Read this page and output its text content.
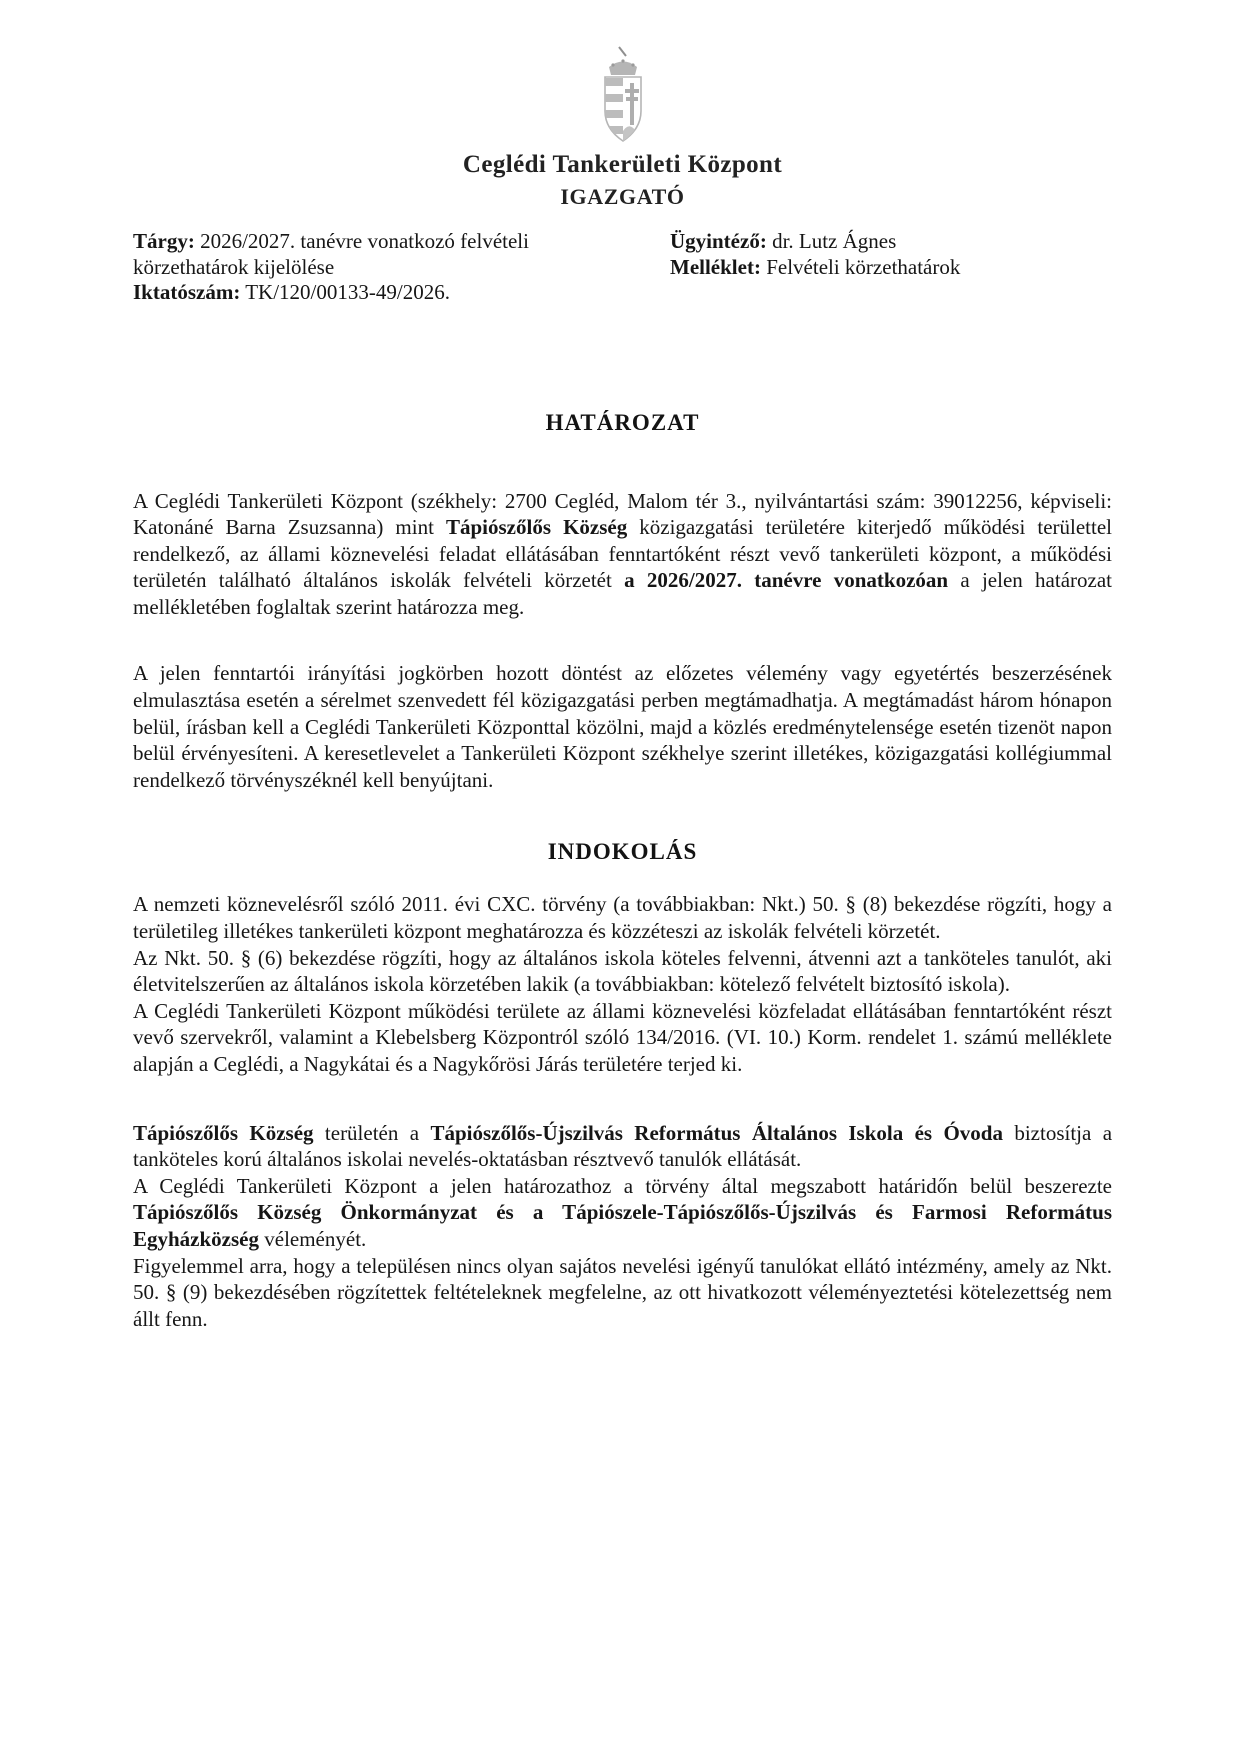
Ceglédi Tankerületi Központ
IGAZGATÓ

Tárgy: 2026/2027. tanévre vonatkozó felvételi körzethatárok kijelölése

Iktatószám: TK/120/00133-49/2026.

Ügyintéző: dr. Lutz Ágnes

Melléklet: Felvételi körzethatárok

HATÁROZAT

A Ceglédi Tankerületi Központ (székhely: 2700 Cegléd, Malom tér 3., nyilvántartási szám: 39012256, képviseli: Katonáné Barna Zsuzsanna) mint Tápiószőlős Község közigazgatási területére kiterjedő működési területtel rendelkező, az állami köznevelési feladat ellátásában fenntartóként részt vevő tankerületi központ, a működési területén található általános iskolák felvételi körzetét a 2026/2027. tanévre vonatkozóan a jelen határozat mellékletében foglaltak szerint határozza meg.

A jelen fenntartói irányítási jogkörben hozott döntést az előzetes vélemény vagy egyetértés beszerzésének elmulasztása esetén a sérelmet szenvedett fél közigazgatási perben megtámadhatja. A megtámadást három hónapon belül, írásban kell a Ceglédi Tankerületi Központtal közölni, majd a közlés eredménytelensége esetén tizenöt napon belül érvényesíteni. A keresetlevelet a Tankerületi Központ székhelye szerint illetékes, közigazgatási kollégiummal rendelkező törvényszéknél kell benyújtani.

INDOKOLÁS

A nemzeti köznevelésről szóló 2011. évi CXC. törvény (a továbbiakban: Nkt.) 50. § (8) bekezdése rögzíti, hogy a területileg illetékes tankerületi központ meghatározza és közzéteszi az iskolák felvételi körzetét.

Az Nkt. 50. § (6) bekezdése rögzíti, hogy az általános iskola köteles felvenni, átvenni azt a tanköteles tanulót, aki életvitelszerűen az általános iskola körzetében lakik (a továbbiakban: kötelező felvételt biztosító iskola).

A Ceglédi Tankerületi Központ működési területe az állami köznevelési közfeladat ellátásában fenntartóként részt vevő szervekről, valamint a Klebelsberg Központról szóló 134/2016. (VI. 10.) Korm. rendelet 1. számú melléklete alapján a Ceglédi, a Nagykátai és a Nagykőrösi Járás területére terjed ki.

Tápiószőlős Község területén a Tápiószőlős-Újszilvás Református Általános Iskola és Óvoda biztosítja a tanköteles korú általános iskolai nevelés-oktatásban résztvevő tanulók ellátását.

A Ceglédi Tankerületi Központ a jelen határozathoz a törvény által megszabott határidőn belül beszerezte Tápiószőlős Község Önkormányzat és a Tápiószele-Tápiószőlős-Újszilvás és Farmosi Református Egyházközség véleményét.

Figyelemmel arra, hogy a településen nincs olyan sajátos nevelési igényű tanulókat ellátó intézmény, amely az Nkt. 50. § (9) bekezdésében rögzítettek feltételeknek megfelelne, az ott hivatkozott véleményeztetési kötelezettség nem állt fenn.
